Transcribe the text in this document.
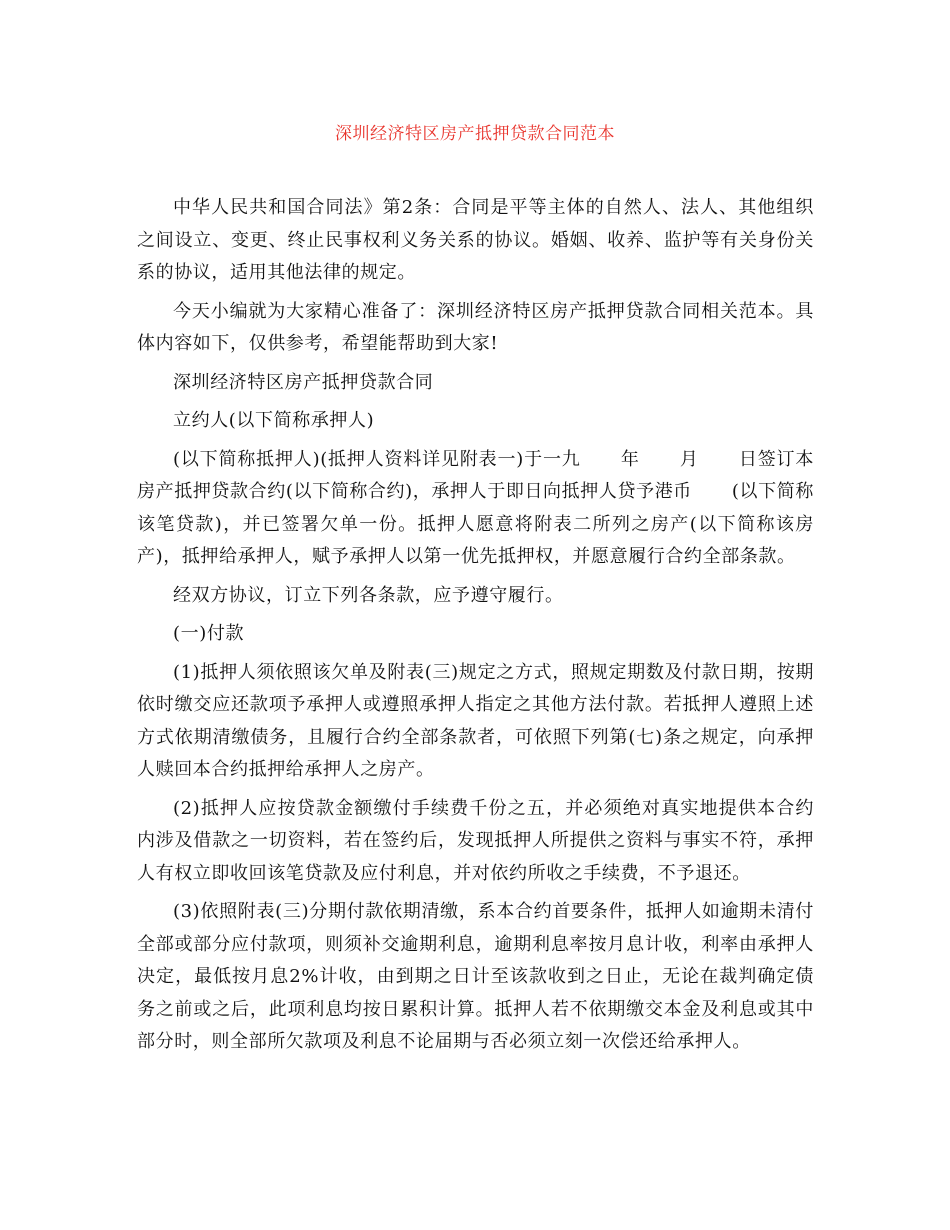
深圳经济特区房产抵押贷款合同范本

中华人民共和国合同法》第2条：合同是平等主体的自然人、法人、其他组织之间设立、变更、终止民事权利义务关系的协议。婚姻、收养、监护等有关身份关系的协议，适用其他法律的规定。

今天小编就为大家精心准备了：深圳经济特区房产抵押贷款合同相关范本。具体内容如下，仅供参考，希望能帮助到大家!

深圳经济特区房产抵押贷款合同

立约人(以下简称承押人)

(以下简称抵押人)(抵押人资料详见附表一)于一九 年 月 日签订本房产抵押贷款合约(以下简称合约)，承押人于即日向抵押人贷予港币 (以下简称该笔贷款)，并已签署欠单一份。抵押人愿意将附表二所列之房产(以下简称该房产)，抵押给承押人，赋予承押人以第一优先抵押权，并愿意履行合约全部条款。

经双方协议，订立下列各条款，应予遵守履行。

(一)付款

(1)抵押人须依照该欠单及附表(三)规定之方式，照规定期数及付款日期，按期依时缴交应还款项予承押人或遵照承押人指定之其他方法付款。若抵押人遵照上述方式依期清缴债务，且履行合约全部条款者，可依照下列第(七)条之规定，向承押人赎回本合约抵押给承押人之房产。

(2)抵押人应按贷款金额缴付手续费千份之五，并必须绝对真实地提供本合约内涉及借款之一切资料，若在签约后，发现抵押人所提供之资料与事实不符，承押人有权立即收回该笔贷款及应付利息，并对依约所收之手续费，不予退还。

(3)依照附表(三)分期付款依期清缴，系本合约首要条件，抵押人如逾期未清付全部或部分应付款项，则须补交逾期利息，逾期利息率按月息计收，利率由承押人决定，最低按月息2%计收，由到期之日计至该款收到之日止，无论在裁判确定债务之前或之后，此项利息均按日累积计算。抵押人若不依期缴交本金及利息或其中部分时，则全部所欠款项及利息不论届期与否必须立刻一次偿还给承押人。
